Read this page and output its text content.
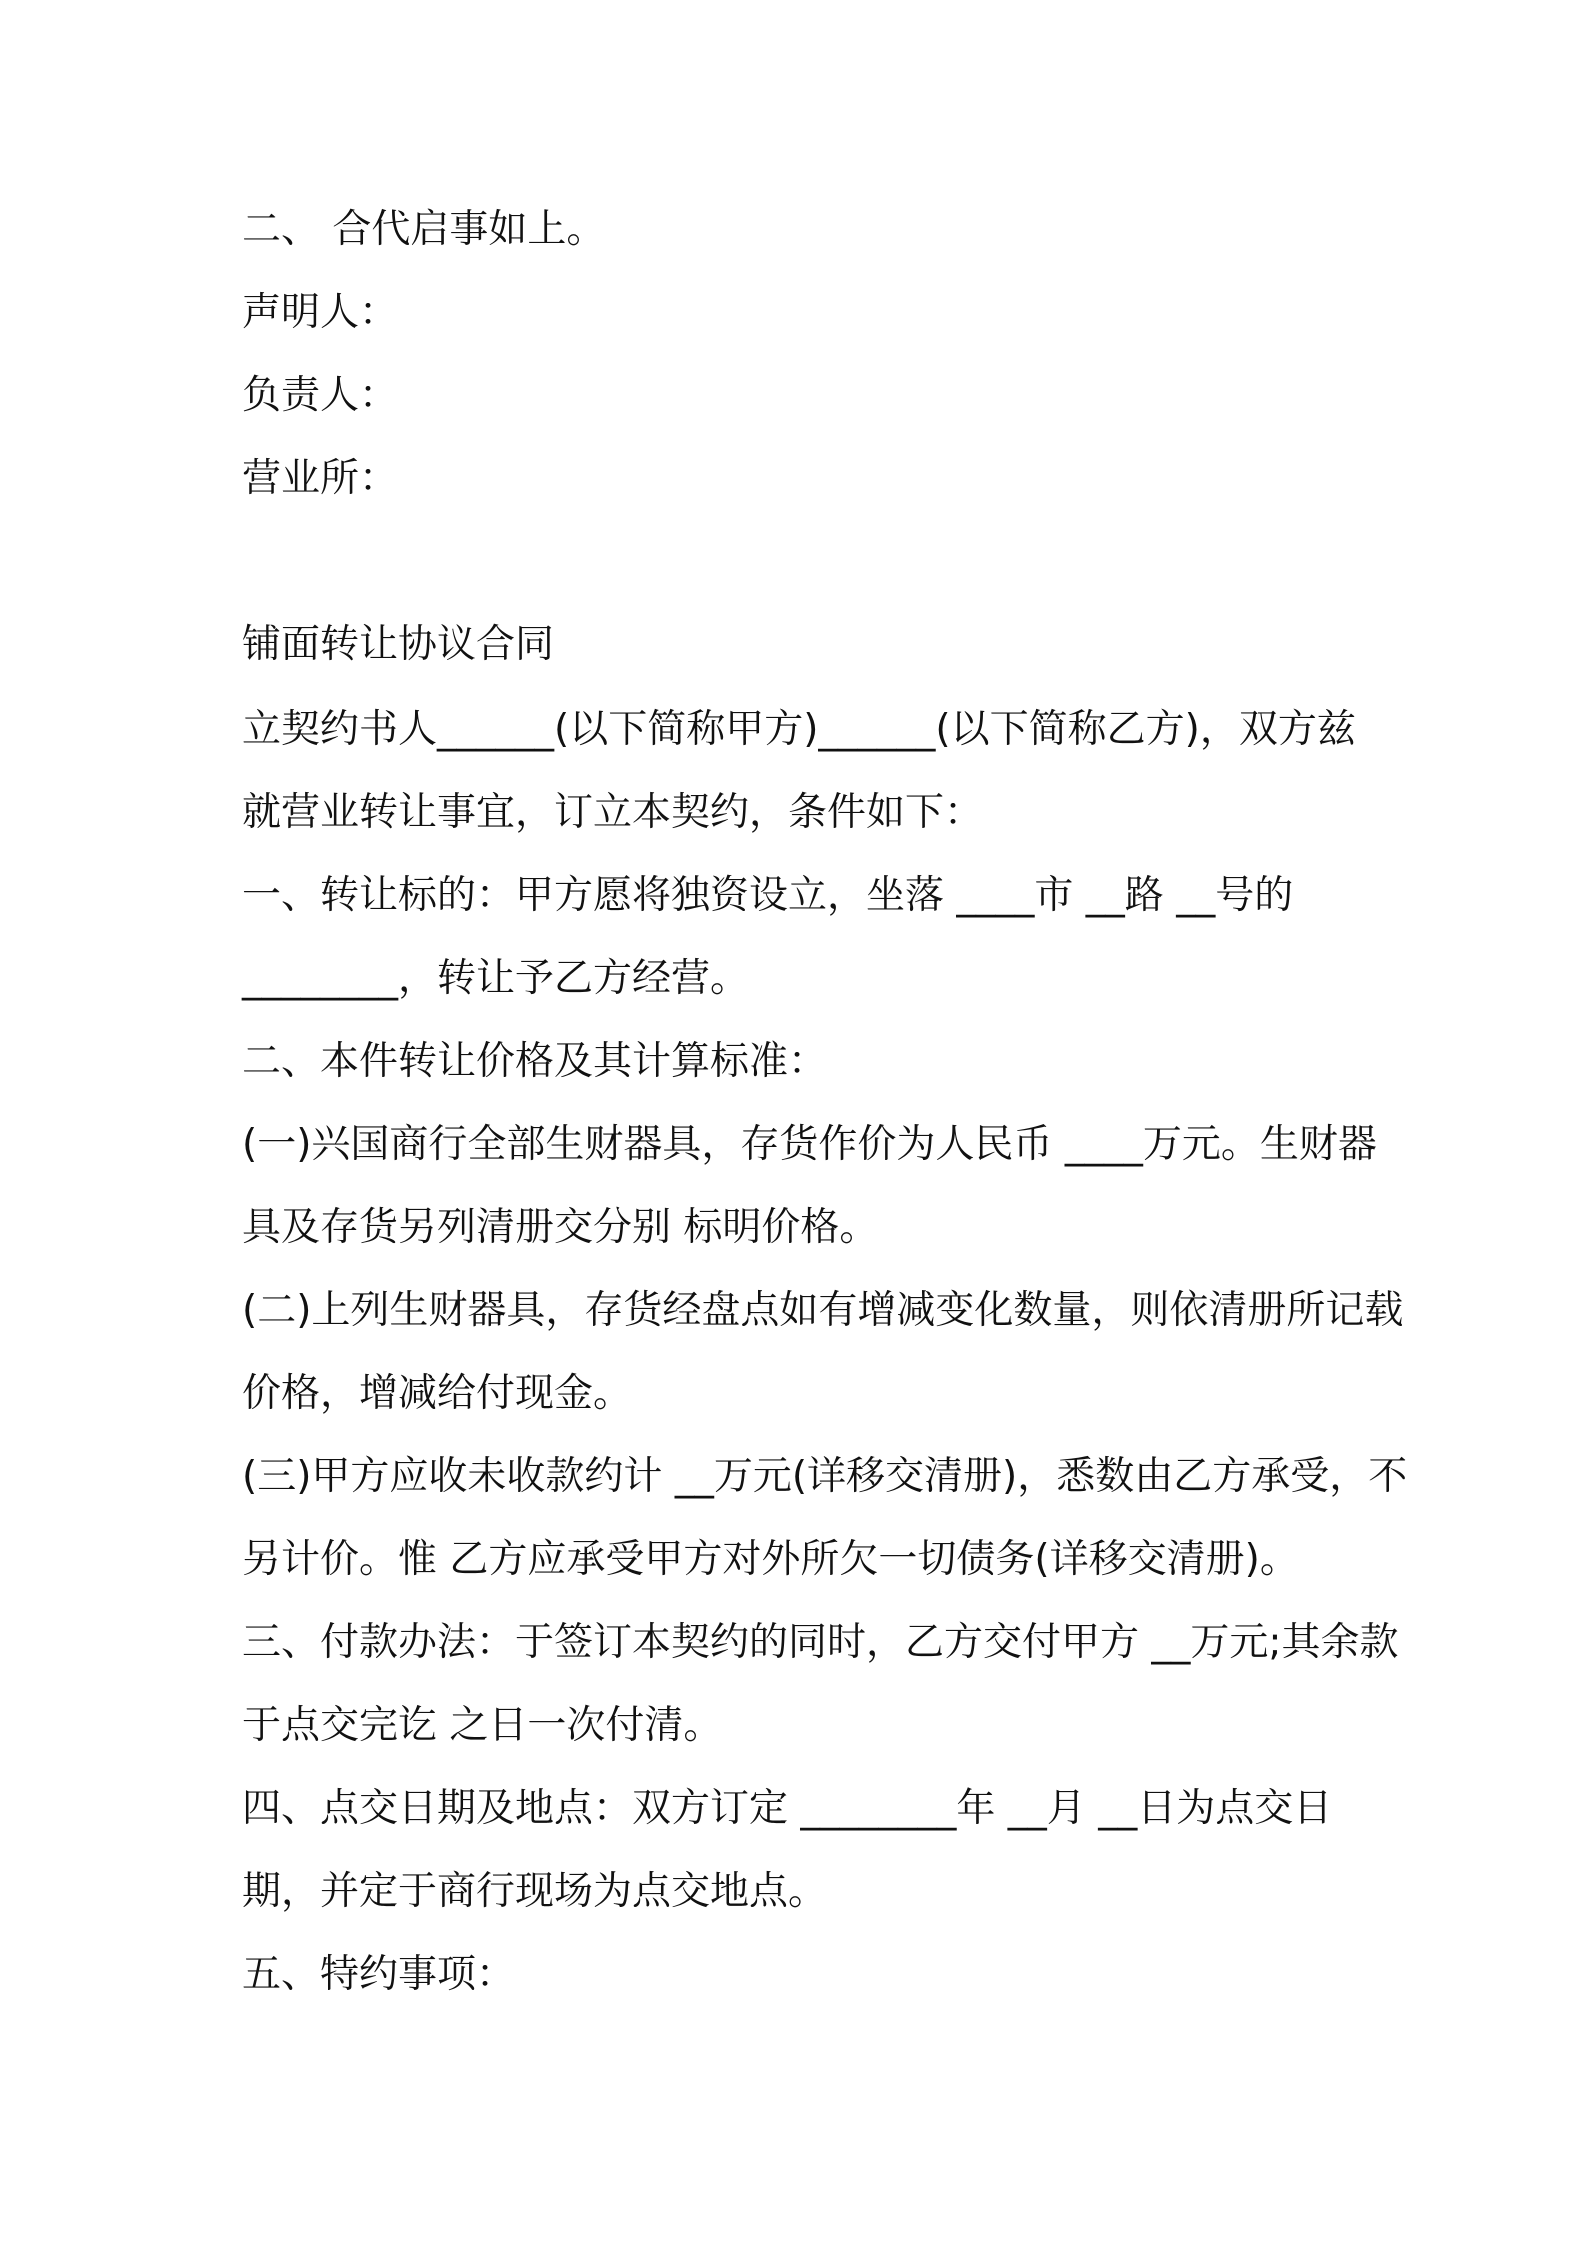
二、 合代启事如上。
声明人：
负责人：
营业所：
铺面转让协议合同
立契约书人______(以下简称甲方)______(以下简称乙方)，双方兹
就营业转让事宜，订立本契约，条件如下：
一、转让标的：甲方愿将独资设立，坐落 ____市 __路 __号的
________，转让予乙方经营。
二、本件转让价格及其计算标准：
(一)兴国商行全部生财器具，存货作价为人民币 ____万元。生财器
具及存货另列清册交分别 标明价格。
(二)上列生财器具，存货经盘点如有增减变化数量，则依清册所记载
价格，增减给付现金。
(三)甲方应收未收款约计 __万元(详移交清册)，悉数由乙方承受，不
另计价。惟 乙方应承受甲方对外所欠一切债务(详移交清册)。
三、付款办法：于签订本契约的同时，乙方交付甲方 __万元;其余款
于点交完讫 之日一次付清。
四、点交日期及地点：双方订定 ________年 __月 __日为点交日
期，并定于商行现场为点交地点。
五、特约事项：
